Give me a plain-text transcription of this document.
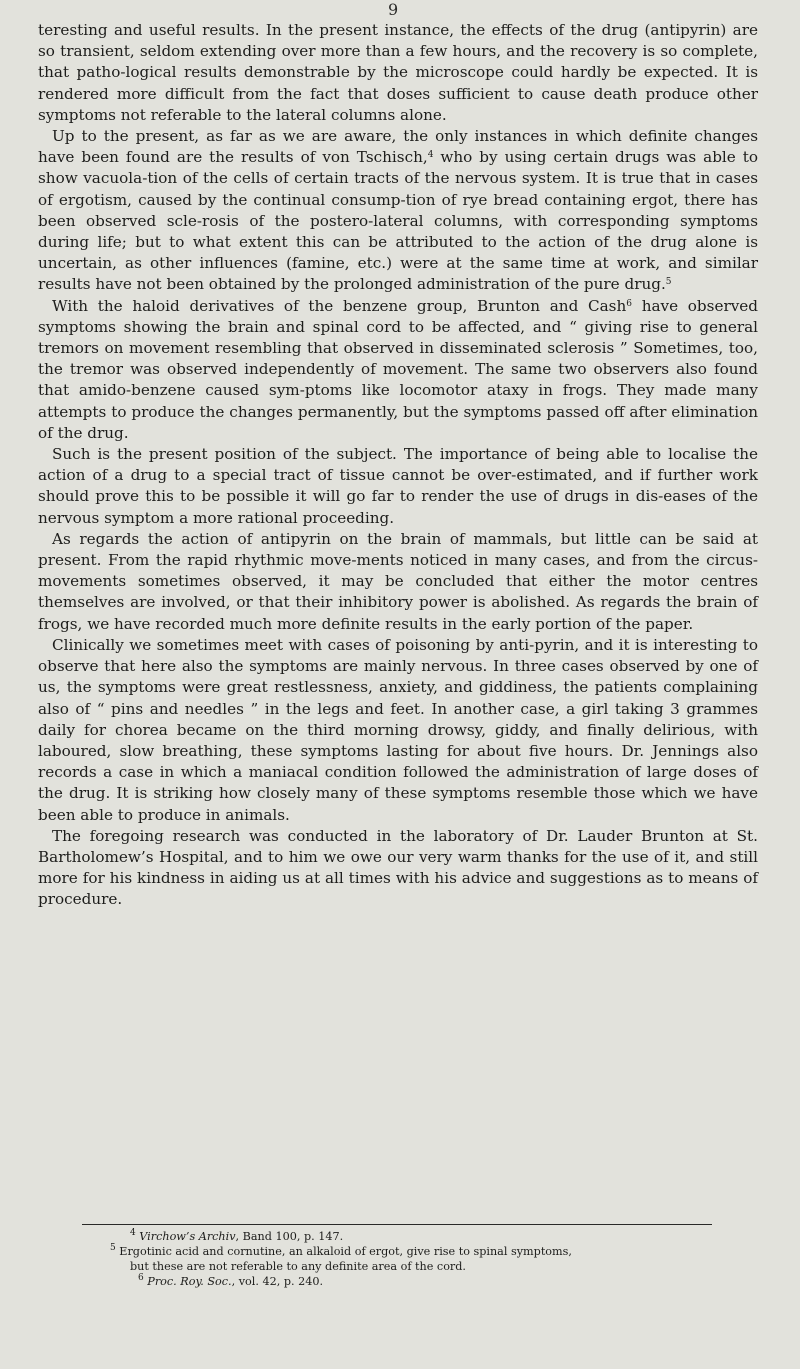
9

teresting and useful results. In the present instance, the effects of the drug (antipyrin) are so transient, seldom extending over more than a few hours, and the recovery is so complete, that patho-logical results demonstrable by the microscope could hardly be expected. It is rendered more difficult from the fact that doses sufficient to cause death produce other symptoms not referable to the lateral columns alone.

Up to the present, as far as we are aware, the only instances in which definite changes have been found are the results of von Tschisch,$^4$ who by using certain drugs was able to show vacuola-tion of the cells of certain tracts of the nervous system. It is true that in cases of ergotism, caused by the continual consump-tion of rye bread containing ergot, there has been observed scle-rosis of the postero-lateral columns, with corresponding symptoms during life; but to what extent this can be attributed to the action of the drug alone is uncertain, as other influences (famine, etc.) were at the same time at work, and similar results have not been obtained by the prolonged administration of the pure drug.$^5$

With the haloid derivatives of the benzene group, Brunton and Cash$^6$ have observed symptoms showing the brain and spinal cord to be affected, and “ giving rise to general tremors on movement resembling that observed in disseminated sclerosis ” Sometimes, too, the tremor was observed independently of movement. The same two observers also found that amido-benzene caused sym-ptoms like locomotor ataxy in frogs. They made many attempts to produce the changes permanently, but the symptoms passed off after elimination of the drug.

Such is the present position of the subject. The importance of being able to localise the action of a drug to a special tract of tissue cannot be over-estimated, and if further work should prove this to be possible it will go far to render the use of drugs in dis-eases of the nervous symptom a more rational proceeding.

As regards the action of antipyrin on the brain of mammals, but little can be said at present. From the rapid rhythmic move-ments noticed in many cases, and from the circus-movements sometimes observed, it may be concluded that either the motor centres themselves are involved, or that their inhibitory power is abolished. As regards the brain of frogs, we have recorded much more definite results in the early portion of the paper.

Clinically we sometimes meet with cases of poisoning by anti-pyrin, and it is interesting to observe that here also the symptoms are mainly nervous. In three cases observed by one of us, the symptoms were great restlessness, anxiety, and giddiness, the patients complaining also of “ pins and needles ” in the legs and feet. In another case, a girl taking 3 grammes daily for chorea became on the third morning drowsy, giddy, and finally delirious, with laboured, slow breathing, these symptoms lasting for about five hours. Dr. Jennings also records a case in which a maniacal condition followed the administration of large doses of the drug. It is striking how closely many of these symptoms resemble those which we have been able to produce in animals.

The foregoing research was conducted in the laboratory of Dr. Lauder Brunton at St. Bartholomew’s Hospital, and to him we owe our very warm thanks for the use of it, and still more for his kindness in aiding us at all times with his advice and suggestions as to means of procedure.

$^4$ Virchow’s Archiv, Band 100, p. 147.

$^5$ Ergotinic acid and cornutine, an alkaloid of ergot, give rise to spinal symptoms,

but these are not referable to any definite area of the cord.

$^6$ Proc. Roy. Soc., vol. 42, p. 240.
